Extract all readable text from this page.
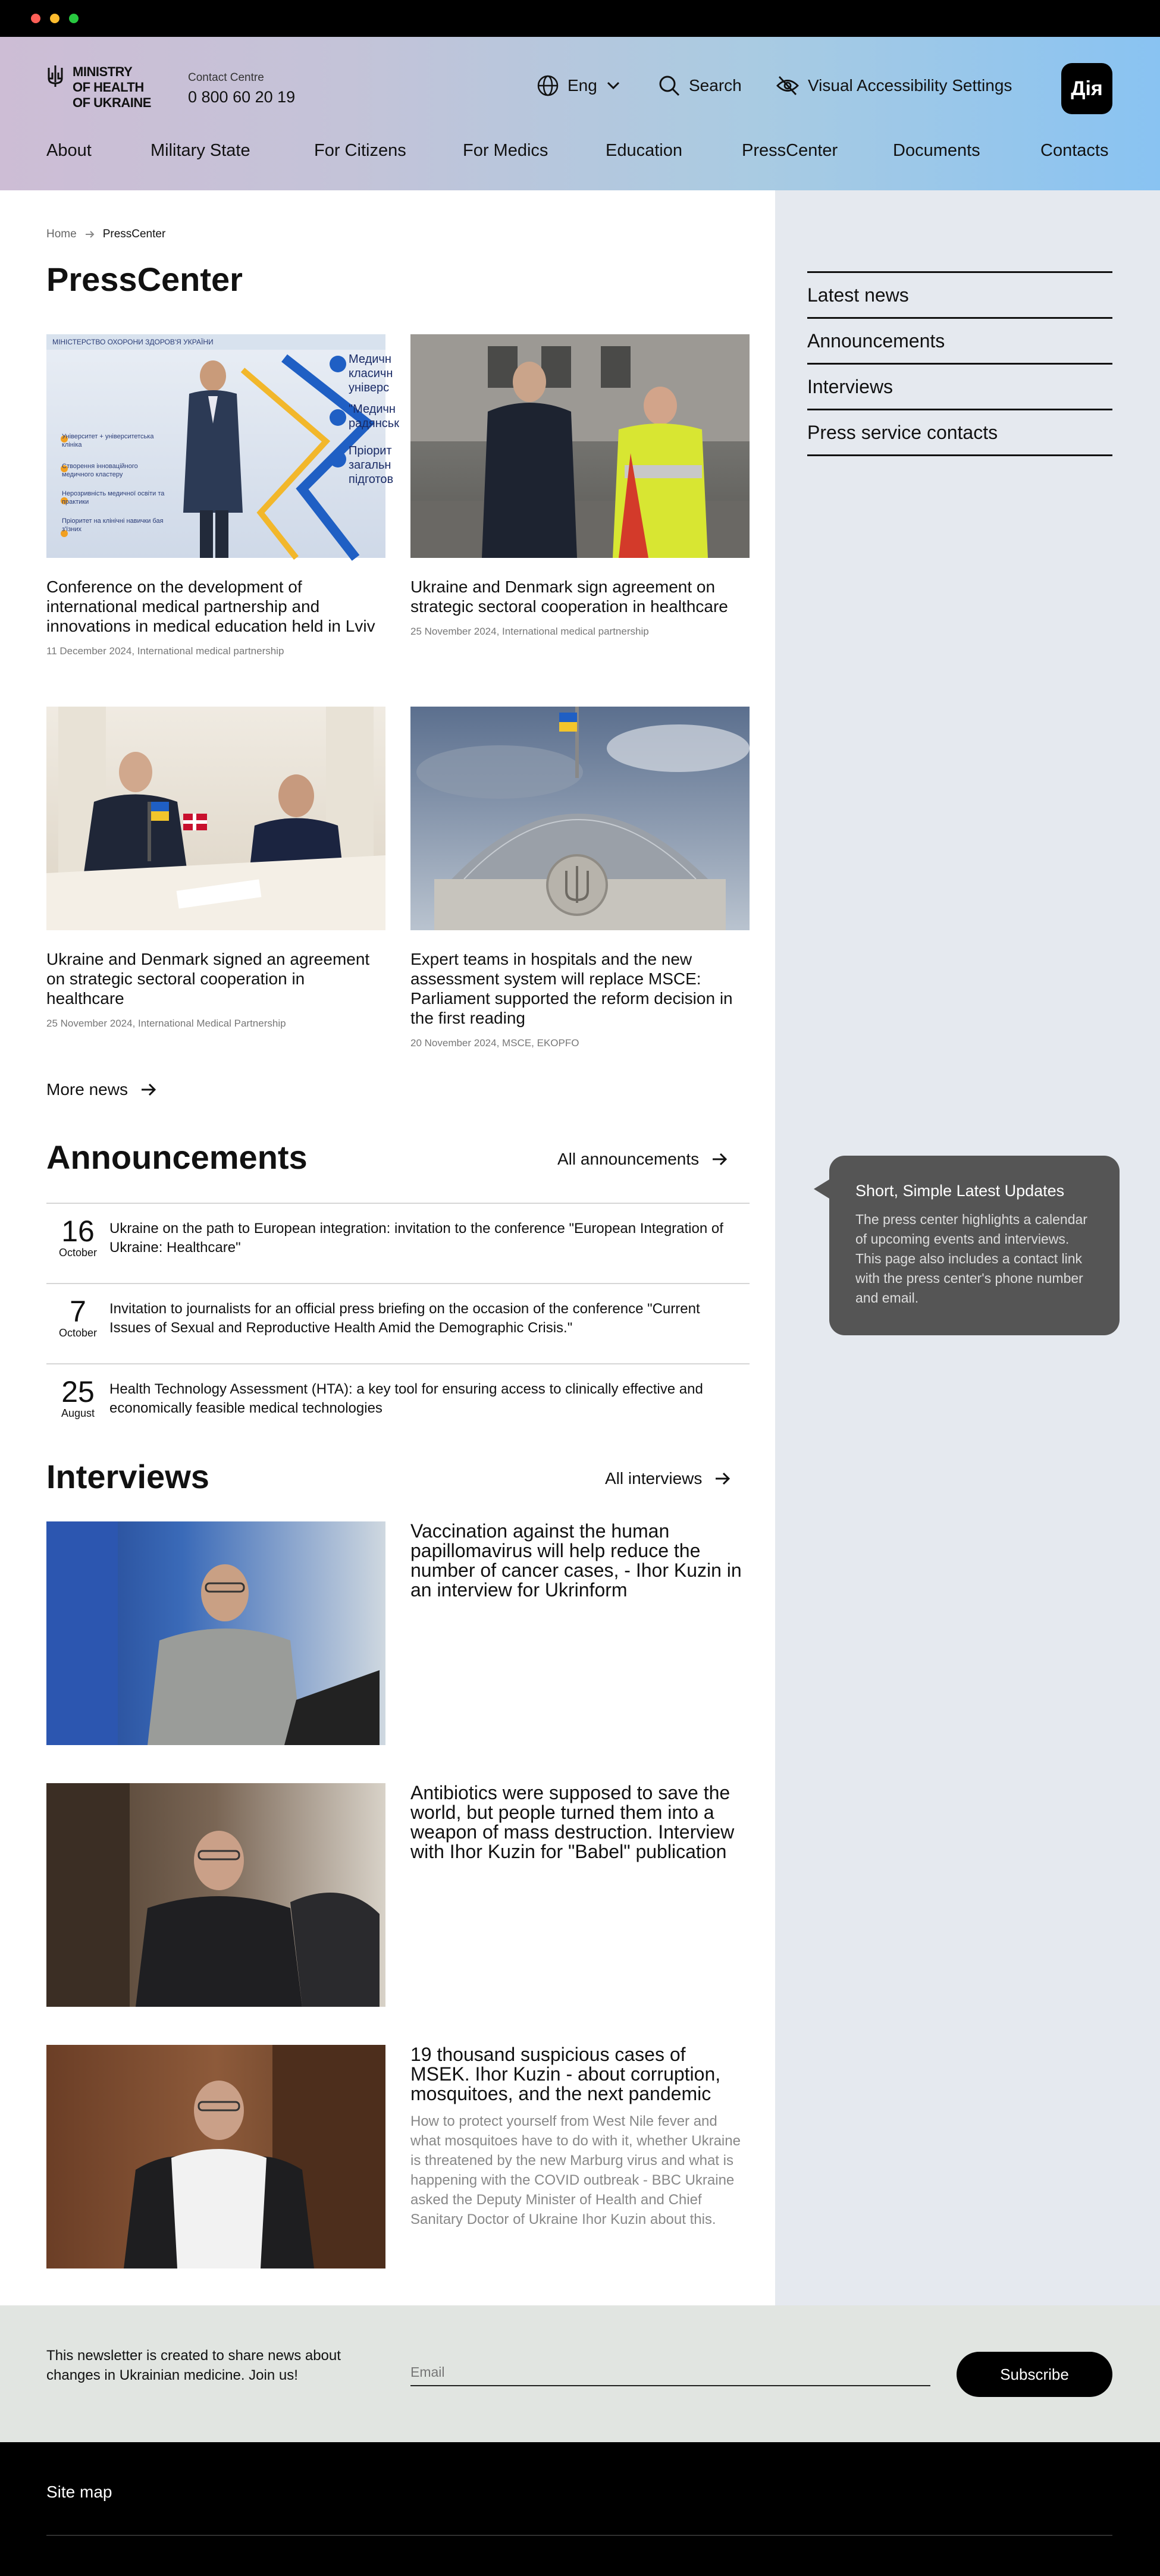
MINISTRY
OF HEALTH
OF UKRAINE
Contact Centre
0 800 60 20 19
Eng	Search	Visual Accessibility Settings	Дія
About	Military State	For Citizens	For Medics	Education	PressCenter	Documents	Contacts
Home PressCenter
PressCenter
МІНІСТЕРСТВО ОХОРОНИ ЗДОРОВ'Я УКРАЇНИ
Університет + університетська клініка
Створення інноваційного медичного кластеру
Нерозривність медичної освіти та практики
Пріоритет на клінічні навички бая з'їзних
Медичн класичн універс
"Медичн радянськ
Пріорит загальн підготов
Conference on the development of international medical partnership and innovations in medical education held in Lviv
11 December 2024, International medical partnership
Ukraine and Denmark sign agreement on strategic sectoral cooperation in healthcare
25 November 2024, International medical partnership
Ukraine and Denmark signed an agreement on strategic sectoral cooperation in healthcare
25 November 2024, International Medical Partnership
Expert teams in hospitals and the new assessment system will replace MSCE: Parliament supported the reform decision in the first reading
20 November 2024, MSCE, EKOPFO
More news
Announcements	All announcements
16
October
Ukraine on the path to European integration: invitation to the conference "European Integration of Ukraine: Healthcare"
7
October
Invitation to journalists for an official press briefing on the occasion of the conference "Current Issues of Sexual and Reproductive Health Amid the Demographic Crisis."
25
August
Health Technology Assessment (HTA): a key tool for ensuring access to clinically effective and economically feasible medical technologies
Interviews	All interviews
Vaccination against the human papillomavirus will help reduce the number of cancer cases, - Ihor Kuzin in an interview for Ukrinform
Antibiotics were supposed to save the world, but people turned them into a weapon of mass destruction. Interview with Ihor Kuzin for "Babel" publication
19 thousand suspicious cases of MSEK. Ihor Kuzin - about corruption, mosquitoes, and the next pandemic
How to protect yourself from West Nile fever and what mosquitoes have to do with it, whether Ukraine is threatened by the new Marburg virus and what is happening with the COVID outbreak - BBC Ukraine asked the Deputy Minister of Health and Chief Sanitary Doctor of Ukraine Ihor Kuzin about this.
Latest news
Announcements
Interviews
Press service contacts
Short, Simple Latest Updates
The press center highlights a calendar of upcoming events and interviews. This page also includes a contact link with the press center's phone number and email.
This newsletter is created to share news about changes in Ukrainian medicine. Join us!
Email	Subscribe
Site map
